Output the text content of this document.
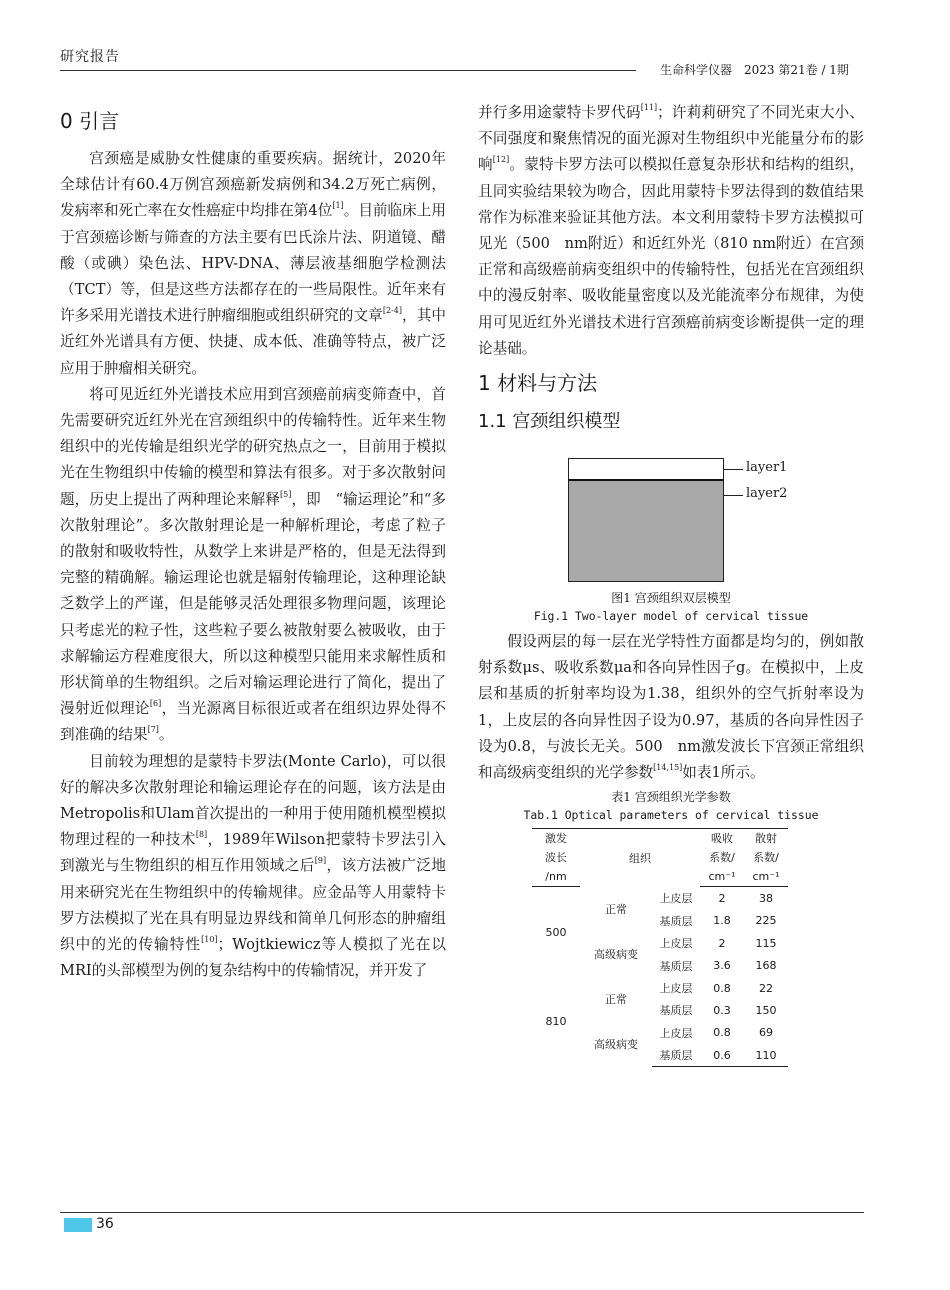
研究报告
生命科学仪器　2023 第21卷 / 1期
0 引言

宫颈癌是威胁女性健康的重要疾病。据统计，2020年全球估计有60.4万例宫颈癌新发病例和34.2万死亡病例，发病率和死亡率在女性癌症中均排在第4位[1]。目前临床上用于宫颈癌诊断与筛查的方法主要有巴氏涂片法、阴道镜、醋酸（或碘）染色法、HPV-DNA、薄层液基细胞学检测法（TCT）等，但是这些方法都存在的一些局限性。近年来有许多采用光谱技术进行肿瘤细胞或组织研究的文章[2-4]，其中近红外光谱具有方便、快捷、成本低、准确等特点，被广泛应用于肿瘤相关研究。

将可见近红外光谱技术应用到宫颈癌前病变筛查中，首先需要研究近红外光在宫颈组织中的传输特性。近年来生物组织中的光传输是组织光学的研究热点之一，目前用于模拟光在生物组织中传输的模型和算法有很多。对于多次散射问题，历史上提出了两种理论来解释[5]，即　“输运理论”和“多次散射理论”。多次散射理论是一种解析理论，考虑了粒子的散射和吸收特性，从数学上来讲是严格的，但是无法得到完整的精确解。输运理论也就是辐射传输理论，这种理论缺乏数学上的严谨，但是能够灵活处理很多物理问题，该理论只考虑光的粒子性，这些粒子要么被散射要么被吸收，由于求解输运方程难度很大，所以这种模型只能用来求解性质和形状简单的生物组织。之后对输运理论进行了简化，提出了漫射近似理论[6]，当光源离目标很近或者在组织边界处得不到准确的结果[7]。

目前较为理想的是蒙特卡罗法(Monte Carlo)，可以很好的解决多次散射理论和输运理论存在的问题，该方法是由Metropolis和Ulam首次提出的一种用于使用随机模型模拟物理过程的一种技术[8]，1989年Wilson把蒙特卡罗法引入到激光与生物组织的相互作用领域之后[9]，该方法被广泛地用来研究光在生物组织中的传输规律。应金品等人用蒙特卡罗方法模拟了光在具有明显边界线和简单几何形态的肿瘤组织中的光的传输特性[10]；Wojtkiewicz等人模拟了光在以MRI的头部模型为例的复杂结构中的传输情况，并开发了

并行多用途蒙特卡罗代码[11]；许莉莉研究了不同光束大小、不同强度和聚焦情况的面光源对生物组织中光能量分布的影响[12]。蒙特卡罗方法可以模拟任意复杂形状和结构的组织，且同实验结果较为吻合，因此用蒙特卡罗法得到的数值结果常作为标准来验证其他方法。本文利用蒙特卡罗方法模拟可见光（500　nm附近）和近红外光（810 nm附近）在宫颈正常和高级癌前病变组织中的传输特性，包括光在宫颈组织中的漫反射率、吸收能量密度以及光能流率分布规律，为使用可见近红外光谱技术进行宫颈癌前病变诊断提供一定的理论基础。

1 材料与方法
1.1 宫颈组织模型
layer1
layer2
图1 宫颈组织双层模型
Fig.1 Two-layer model of cervical tissue

假设两层的每一层在光学特性方面都是均匀的，例如散射系数μs、吸收系数μa和各向异性因子g。在模拟中，上皮层和基质的折射率均设为1.38，组织外的空气折射率设为1，上皮层的各向异性因子设为0.97，基质的各向异性因子设为0.8，与波长无关。500　nm激发波长下宫颈正常组织和高级病变组织的光学参数[14,15]如表1所示。

表1 宫颈组织光学参数
Tab.1 Optical parameters of cervical tissue
激发	组织		吸收	散射
波长			系数/	系数/
/nm			cm⁻¹	cm⁻¹
500	正常	上皮层	2	38
		基质层	1.8	225
	高级病变	上皮层	2	115
		基质层	3.6	168
810	正常	上皮层	0.8	22
		基质层	0.3	150
	高级病变	上皮层	0.8	69
		基质层	0.6	110
36
